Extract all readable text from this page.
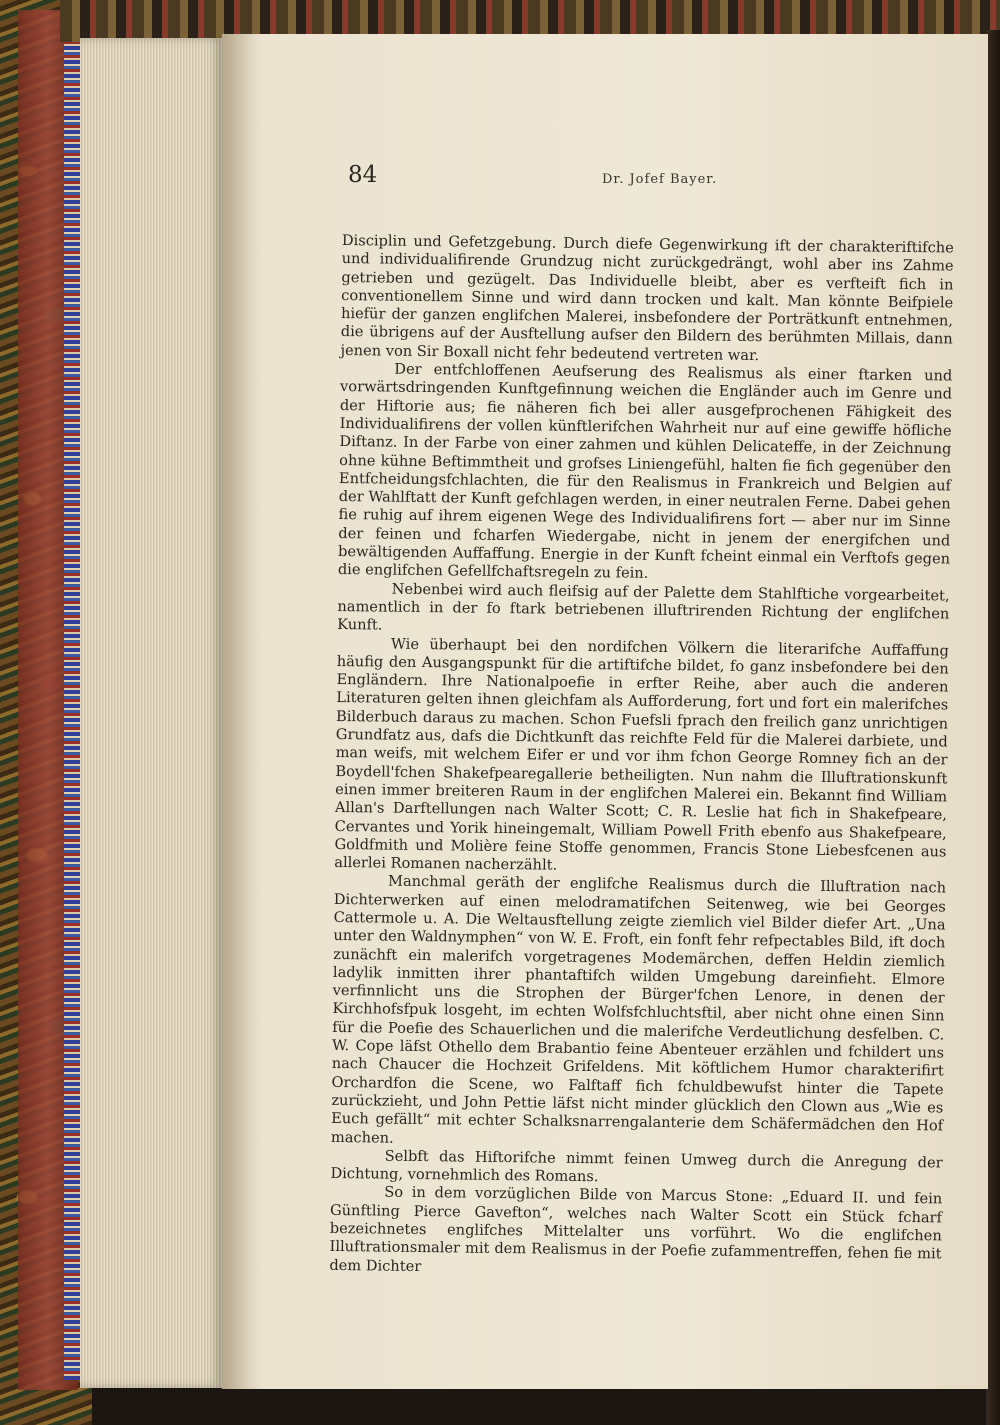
84	Dr. Jofef Bayer.

Disciplin und Gefetzgebung. Durch diefe Gegenwirkung ift der charakteriftifche und individualifirende Grundzug nicht zurückgedrängt, wohl aber ins Zahme getrieben und gezügelt. Das Individuelle bleibt, aber es verfteift fich in conventionellem Sinne und wird dann trocken und kalt. Man könnte Beifpiele hiefür der ganzen englifchen Malerei, insbefondere der Porträtkunft entnehmen, die übrigens auf der Ausftellung aufser den Bildern des berühmten Millais, dann jenen von Sir Boxall nicht fehr bedeutend vertreten war.

Der entfchloffenen Aeufserung des Realismus als einer ftarken und vorwärtsdringenden Kunftgefinnung weichen die Engländer auch im Genre und der Hiftorie aus; fie näheren fich bei aller ausgefprochenen Fähigkeit des Individualifirens der vollen künftlerifchen Wahrheit nur auf eine gewiffe höfliche Diftanz. In der Farbe von einer zahmen und kühlen Delicateffe, in der Zeichnung ohne kühne Beftimmtheit und grofses Liniengefühl, halten fie fich gegenüber den Entfcheidungsfchlachten, die für den Realismus in Frankreich und Belgien auf der Wahlftatt der Kunft gefchlagen werden, in einer neutralen Ferne. Dabei gehen fie ruhig auf ihrem eigenen Wege des Individualifirens fort — aber nur im Sinne der feinen und fcharfen Wiedergabe, nicht in jenem der energifchen und bewältigenden Auffaffung. Energie in der Kunft fcheint einmal ein Verftofs gegen die englifchen Gefellfchaftsregeln zu fein.

Nebenbei wird auch fleifsig auf der Palette dem Stahlftiche vorgearbeitet, namentlich in der fo ftark betriebenen illuftrirenden Richtung der englifchen Kunft.

Wie überhaupt bei den nordifchen Völkern die literarifche Auffaffung häufig den Ausgangspunkt für die artiftifche bildet, fo ganz insbefondere bei den Engländern. Ihre Nationalpoefie in erfter Reihe, aber auch die anderen Literaturen gelten ihnen gleichfam als Aufforderung, fort und fort ein malerifches Bilderbuch daraus zu machen. Schon Fuefsli fprach den freilich ganz unrichtigen Grundfatz aus, dafs die Dichtkunft das reichfte Feld für die Malerei darbiete, und man weifs, mit welchem Eifer er und vor ihm fchon George Romney fich an der Boydell'fchen Shakefpearegallerie betheiligten. Nun nahm die Illuftrationskunft einen immer breiteren Raum in der englifchen Malerei ein. Bekannt find William Allan's Darftellungen nach Walter Scott; C. R. Leslie hat fich in Shakefpeare, Cervantes und Yorik hineingemalt, William Powell Frith ebenfo aus Shakefpeare, Goldfmith und Molière feine Stoffe genommen, Francis Stone Liebesfcenen aus allerlei Romanen nacherzählt.

Manchmal geräth der englifche Realismus durch die Illuftration nach Dichterwerken auf einen melodramatifchen Seitenweg, wie bei Georges Cattermole u. A. Die Weltausftellung zeigte ziemlich viel Bilder diefer Art. „Una unter den Waldnymphen“ von W. E. Froft, ein fonft fehr refpectables Bild, ift doch zunächft ein malerifch vorgetragenes Modemärchen, deffen Heldin ziemlich ladylik inmitten ihrer phantaftifch wilden Umgebung dareinfieht. Elmore verfinnlicht uns die Strophen der Bürger'fchen Lenore, in denen der Kirchhofsfpuk losgeht, im echten Wolfsfchluchtsftil, aber nicht ohne einen Sinn für die Poefie des Schauerlichen und die malerifche Verdeutlichung desfelben. C. W. Cope läfst Othello dem Brabantio feine Abenteuer erzählen und fchildert uns nach Chaucer die Hochzeit Grifeldens. Mit köftlichem Humor charakterifirt Orchardfon die Scene, wo Falftaff fich fchuldbewufst hinter die Tapete zurückzieht, und John Pettie läfst nicht minder glücklich den Clown aus „Wie es Euch gefällt“ mit echter Schalksnarrengalanterie dem Schäfermädchen den Hof machen.

Selbft das Hiftorifche nimmt feinen Umweg durch die Anregung der Dichtung, vornehmlich des Romans.

So in dem vorzüglichen Bilde von Marcus Stone: „Eduard II. und fein Günftling Pierce Gavefton“, welches nach Walter Scott ein Stück fcharf bezeichnetes englifches Mittelalter uns vorführt. Wo die englifchen Illuftrationsmaler mit dem Realismus in der Poefie zufammentreffen, fehen fie mit dem Dichter
